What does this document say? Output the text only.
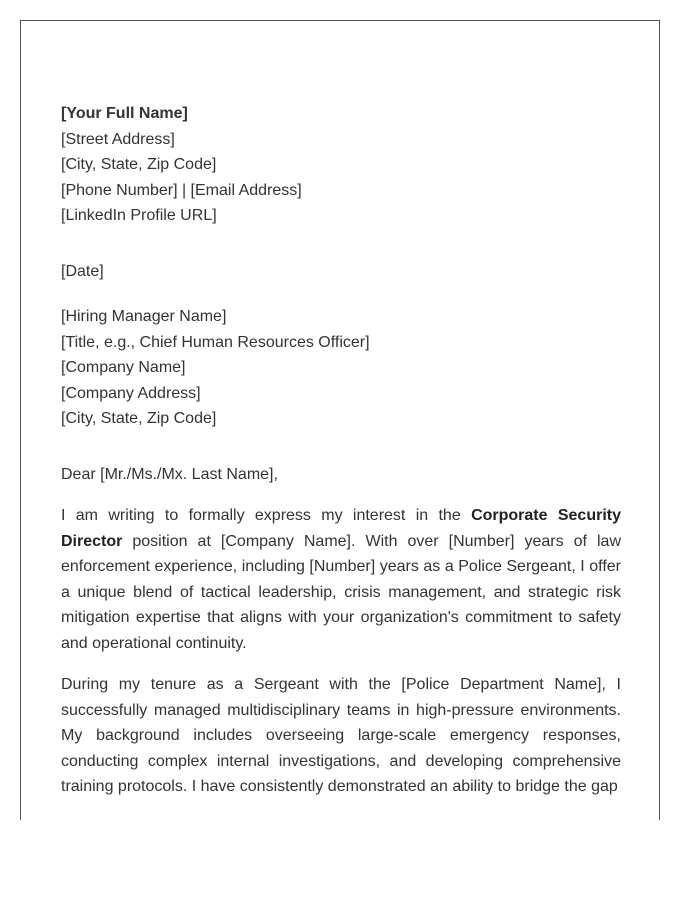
[Your Full Name]
[Street Address]
[City, State, Zip Code]
[Phone Number] | [Email Address]
[LinkedIn Profile URL]
[Date]
[Hiring Manager Name]
[Title, e.g., Chief Human Resources Officer]
[Company Name]
[Company Address]
[City, State, Zip Code]
Dear [Mr./Ms./Mx. Last Name],

I am writing to formally express my interest in the Corporate Security Director position at [Company Name]. With over [Number] years of law enforcement experience, including [Number] years as a Police Sergeant, I offer a unique blend of tactical leadership, crisis management, and strategic risk mitigation expertise that aligns with your organization's commitment to safety and operational continuity.

During my tenure as a Sergeant with the [Police Department Name], I successfully managed multidisciplinary teams in high-pressure environments. My background includes overseeing large-scale emergency responses, conducting complex internal investigations, and developing comprehensive training protocols. I have consistently demonstrated an ability to bridge the gap
